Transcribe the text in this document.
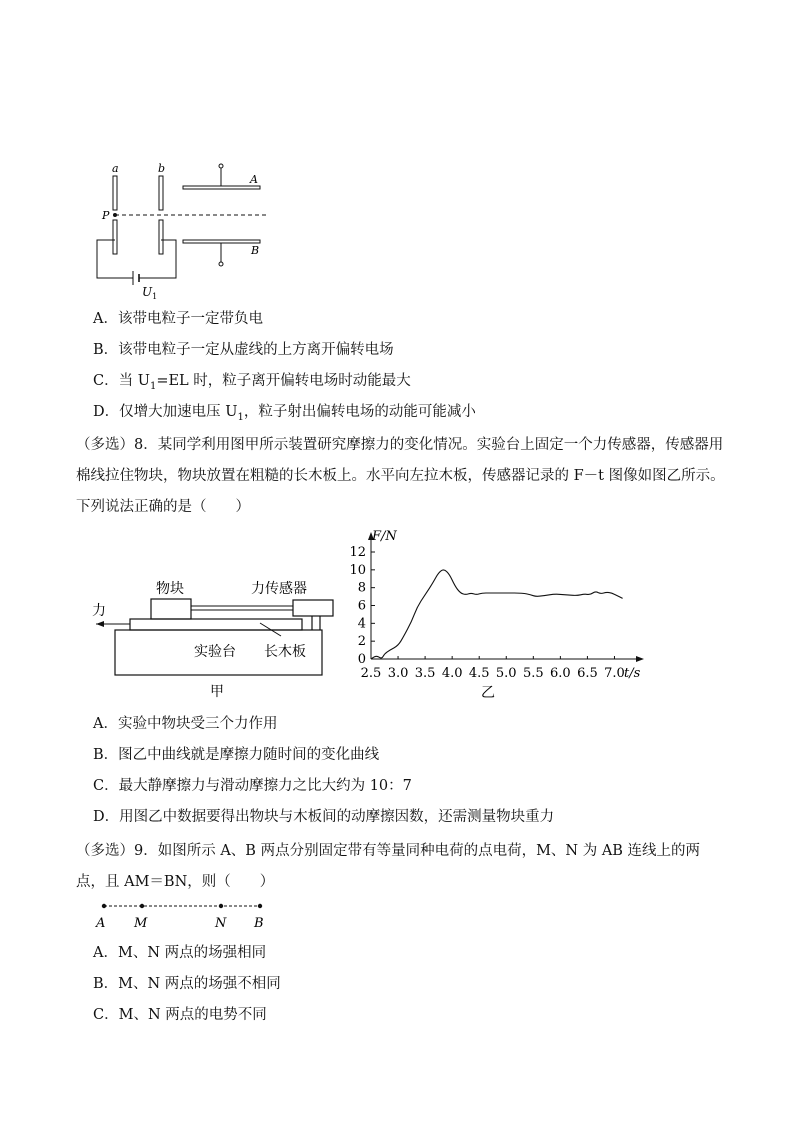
a	b
A
B
P
$U_1$
A．该带电粒子一定带负电
B．该带电粒子一定从虚线的上方离开偏转电场
C．当 $U_1=EL$ 时，粒子离开偏转电场时动能最大
D．仅增大加速电压 $U_1$，粒子射出偏转电场的动能可能减小
（多选）8．某同学利用图甲所示装置研究摩擦力的变化情况。实验台上固定一个力传感器，传感器用棉线拉住物块，物块放置在粗糙的长木板上。水平向左拉木板，传感器记录的 F－t 图像如图乙所示。下列说法正确的是（　　）
力
物块	力传感器
实验台 长木板
甲
0
2
4
6
8
10
12
2.5 3.0 3.5 4.0 4.5 5.0 5.5 6.0 6.5 7.0
F/N
t/s
乙
A．实验中物块受三个力作用
B．图乙中曲线就是摩擦力随时间的变化曲线
C．最大静摩擦力与滑动摩擦力之比大约为 10：7
D．用图乙中数据要得出物块与木板间的动摩擦因数，还需测量物块重力
（多选）9．如图所示 A、B 两点分别固定带有等量同种电荷的点电荷，M、N 为 AB 连线上的两点，且 AM＝BN，则（　　）
A M	N B
A．M、N 两点的场强相同
B．M、N 两点的场强不相同
C．M、N 两点的电势不同
